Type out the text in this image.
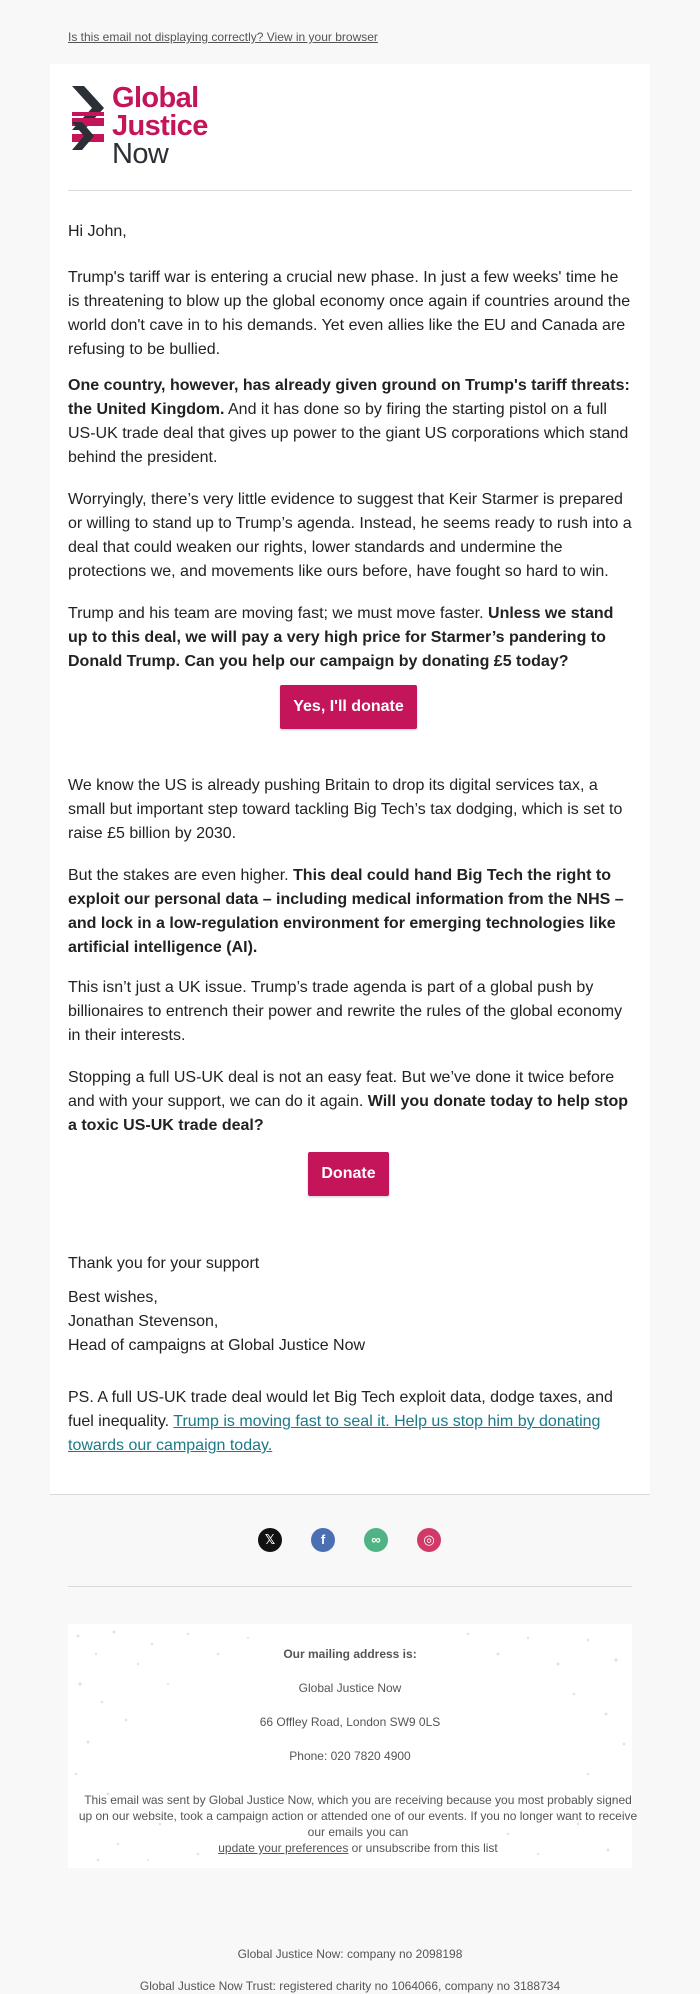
Is this email not displaying correctly? View in your browser
Global
Justice
Now
Hi John,

Trump's tariff war is entering a crucial new phase. In just a few weeks' time he is threatening to blow up the global economy once again if countries around the world don't cave in to his demands. Yet even allies like the EU and Canada are refusing to be bullied.

One country, however, has already given ground on Trump's tariff threats: the United Kingdom. And it has done so by firing the starting pistol on a full US-UK trade deal that gives up power to the giant US corporations which stand behind the president.

Worryingly, there’s very little evidence to suggest that Keir Starmer is prepared or willing to stand up to Trump’s agenda. Instead, he seems ready to rush into a deal that could weaken our rights, lower standards and undermine the protections we, and movements like ours before, have fought so hard to win.

Trump and his team are moving fast; we must move faster. Unless we stand up to this deal, we will pay a very high price for Starmer’s pandering to Donald Trump. Can you help our campaign by donating £5 today?

Yes, I'll donate

We know the US is already pushing Britain to drop its digital services tax, a small but important step toward tackling Big Tech’s tax dodging, which is set to raise £5 billion by 2030.

But the stakes are even higher. This deal could hand Big Tech the right to exploit our personal data – including medical information from the NHS – and lock in a low-regulation environment for emerging technologies like artificial intelligence (AI).

This isn’t just a UK issue. Trump’s trade agenda is part of a global push by billionaires to entrench their power and rewrite the rules of the global economy in their interests.

Stopping a full US-UK deal is not an easy feat. But we’ve done it twice before and with your support, we can do it again. Will you donate today to help stop a toxic US-UK trade deal?

Donate
Thank you for your support
Best wishes,
Jonathan Stevenson,
Head of campaigns at Global Justice Now

PS. A full US-UK trade deal would let Big Tech exploit data, dodge taxes, and fuel inequality. Trump is moving fast to seal it. Help us stop him by donating towards our campaign today.

𝕏	f	∞	◎
Our mailing address is:
Global Justice Now
66 Offley Road, London SW9 0LS
Phone: 020 7820 4900
This email was sent by Global Justice Now, which you are receiving because you most probably signed up on our website, took a campaign action or attended one of our events. If you no longer want to receive our emails you can
update your preferences or unsubscribe from this list
Global Justice Now: company no 2098198
Global Justice Now Trust: registered charity no 1064066, company no 3188734
